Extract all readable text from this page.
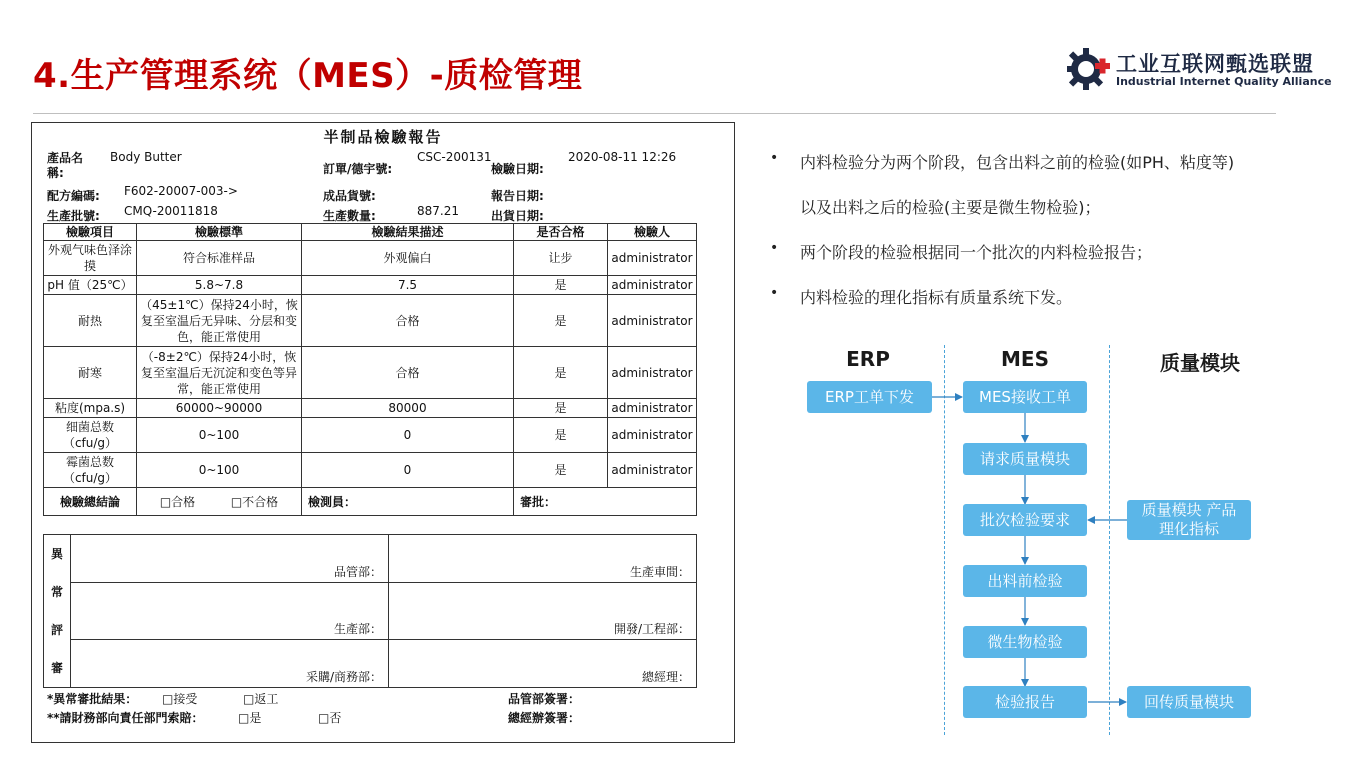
4.生产管理系统（MES）-质检管理	工业互联网甄选联盟
Industrial Internet Quality Alliance
半制品檢驗報告
產品名稱:
Body Butter
訂單/德宇號:
CSC-200131
檢驗日期:
2020-08-11 12:26
配方編碼: F602-20007-003->	成品貨號:	報告日期:
生產批號: CMQ-20011818	生產數量:	887.21	出貨日期:
檢驗項目	檢驗標準	檢驗結果描述	是否合格	檢驗人
外观气味色泽涂摸	符合标准样品	外观偏白	让步	administrator
pH 值（25℃）	5.8~7.8	7.5	是	administrator
耐热	（45±1℃）保持24小时，恢复至室温后无异味、分层和变色，能正常使用	合格	是	administrator
耐寒	（-8±2℃）保持24小时，恢复至室温后无沉淀和变色等异常，能正常使用	合格	是	administrator
粘度(mpa.s)	60000~90000	80000	是	administrator
细菌总数（cfu/g）	0~100	0	是	administrator
霉菌总数（cfu/g）	0~100	0	是	administrator
檢驗總結論	□合格 □不合格	檢測員：	審批：	
異
常
評
審	品管部：	生產車間：
	生產部：	開發/工程部：
	采購/商務部：	總經理：
*異常審批結果： □接受	□返工	品管部簽署：
**請財務部向責任部門索賠：	□是	□否	總經辦簽署：
• 内料检验分为两个阶段，包含出料之前的检验(如PH、粘度等)
以及出料之后的检验(主要是微生物检验)；
• 两个阶段的检验根据同一个批次的内料检验报告；
• 内料检验的理化指标有质量系统下发。
ERP	MES	质量模块
ERP工单下发	MES接收工单
请求质量模块
批次检验要求
质量模块 产品理化指标
出料前检验
微生物检验
检验报告	回传质量模块
